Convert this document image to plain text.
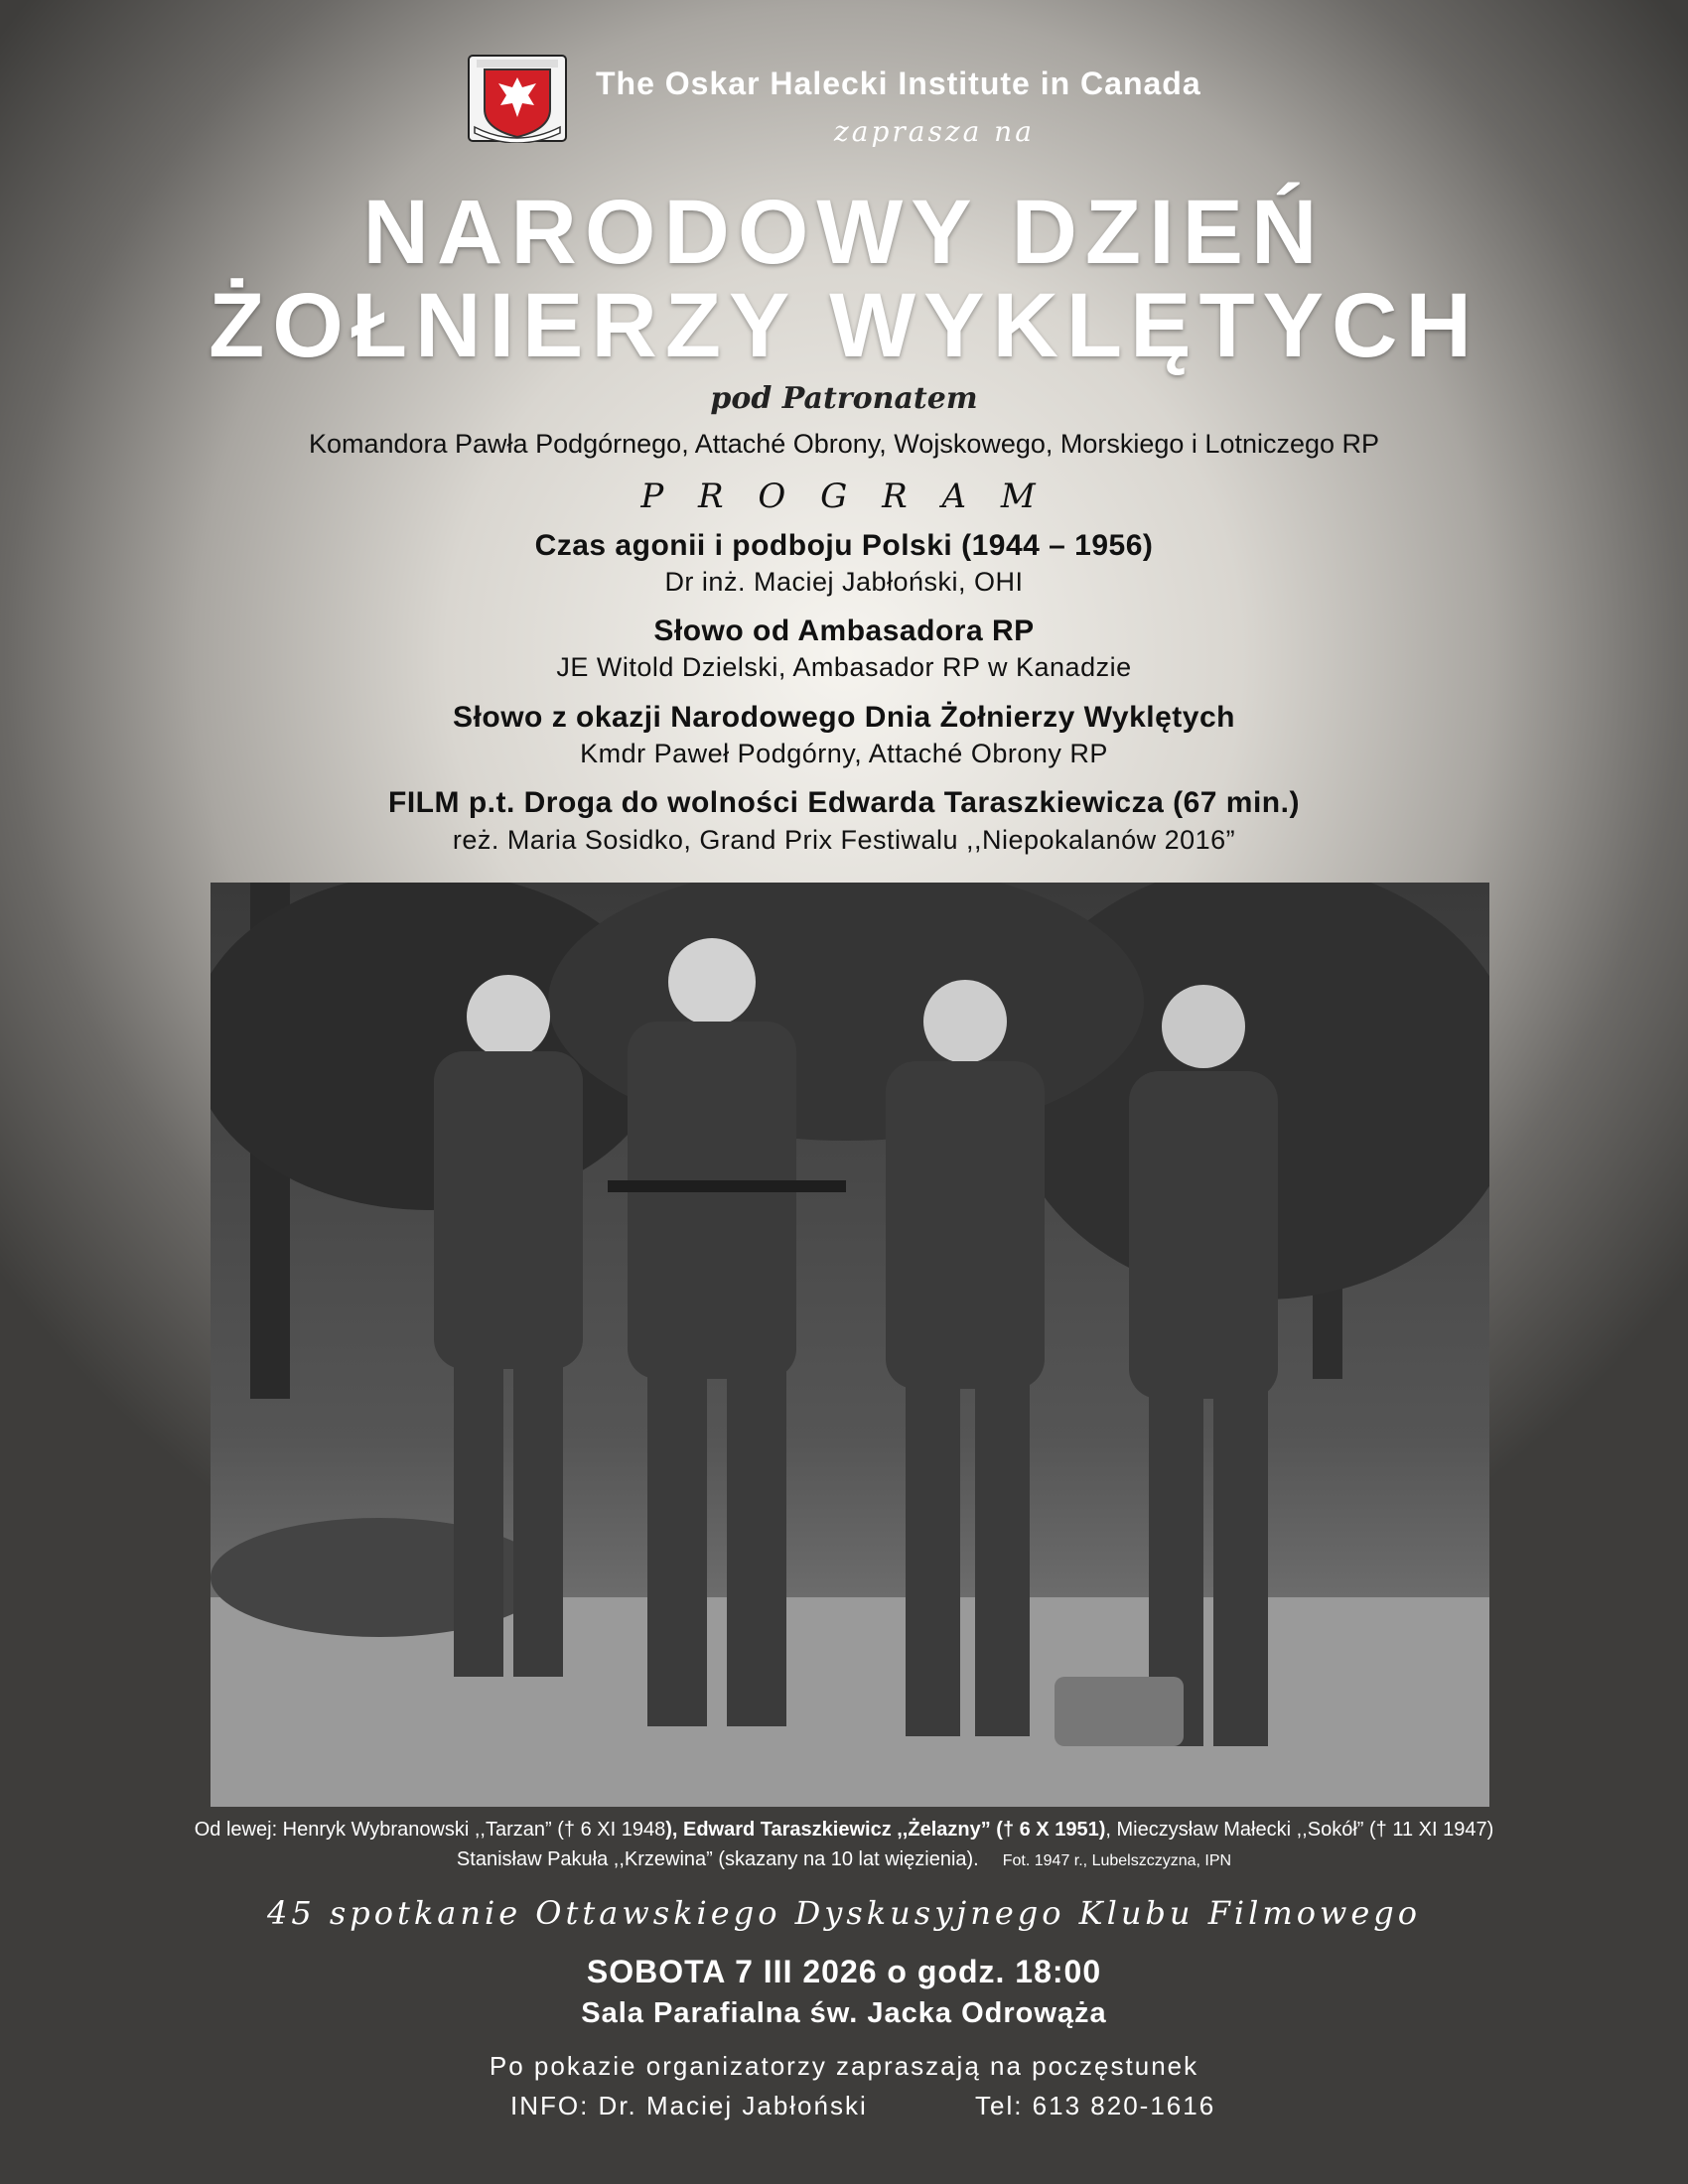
The Oskar Halecki Institute in Canada
zaprasza na
NARODOWY DZIEŃ
ŻOŁNIERZY WYKLĘTYCH
pod Patronatem
Komandora Pawła Podgórnego, Attaché Obrony, Wojskowego, Morskiego i Lotniczego RP
P R O G R A M
Czas agonii i podboju Polski (1944 – 1956)
Dr inż. Maciej Jabłoński, OHI
Słowo od Ambasadora RP
JE Witold Dzielski, Ambasador RP w Kanadzie
Słowo z okazji Narodowego Dnia Żołnierzy Wyklętych
Kmdr Paweł Podgórny, Attaché Obrony RP
FILM p.t. Droga do wolności Edwarda Taraszkiewicza (67 min.)
reż. Maria Sosidko, Grand Prix Festiwalu ,,Niepokalanów 2016”
Od lewej: Henryk Wybranowski ,,Tarzan” († 6 XI 1948), Edward Taraszkiewicz ,,Żelazny” († 6 X 1951), Mieczysław Małecki ,,Sokół” († 11 XI 1947)
Stanisław Pakuła ,,Krzewina” (skazany na 10 lat więzienia). Fot. 1947 r., Lubelszczyzna, IPN
45 spotkanie Ottawskiego Dyskusyjnego Klubu Filmowego
SOBOTA 7 III 2026 o godz. 18:00
Sala Parafialna św. Jacka Odrowąża
Po pokazie organizatorzy zapraszają na poczęstunek
INFO: Dr. Maciej Jabłoński	Tel: 613 820-1616
